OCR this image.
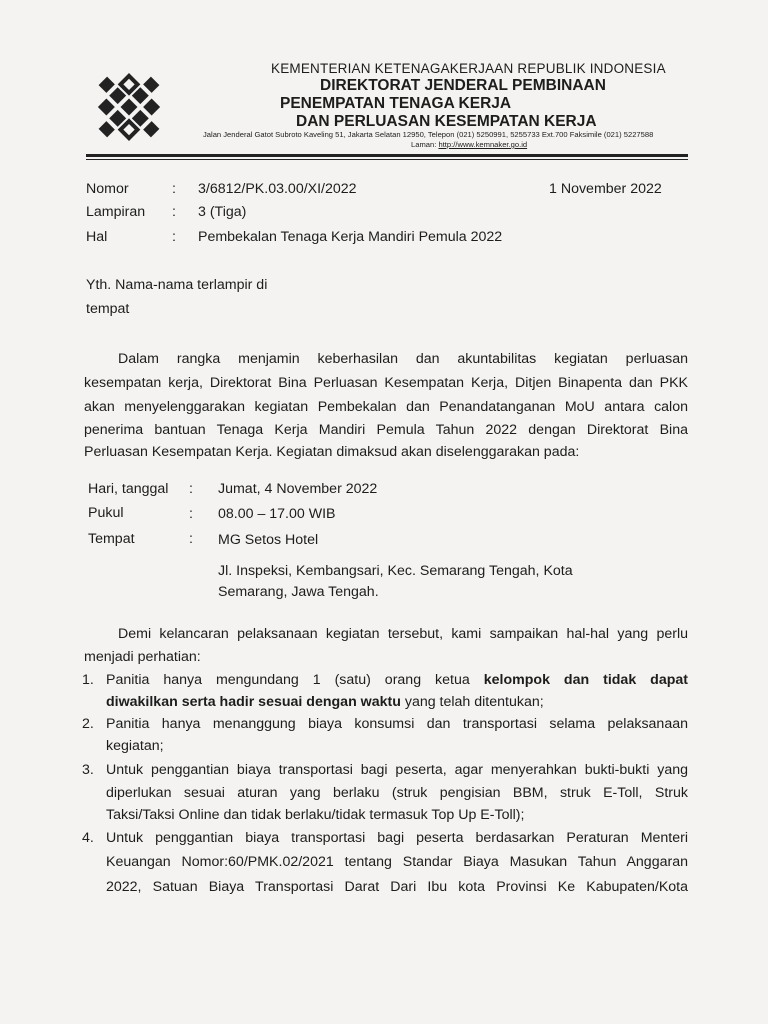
KEMENTERIAN KETENAGAKERJAAN REPUBLIK INDONESIA
DIREKTORAT JENDERAL PEMBINAAN
PENEMPATAN TENAGA KERJA
DAN PERLUASAN KESEMPATAN KERJA
Jalan Jenderal Gatot Subroto Kaveling 51, Jakarta Selatan 12950, Telepon (021) 5250991, 5255733 Ext.700 Faksimile (021) 5227588
Laman: http://www.kemnaker.go.id
Nomor	: 3/6812/PK.03.00/XI/2022	1 November 2022
Lampiran : 3 (Tiga)
Hal	: Pembekalan Tenaga Kerja Mandiri Pemula 2022
Yth. Nama-nama terlampir di
tempat
Dalam rangka menjamin keberhasilan dan akuntabilitas kegiatan perluasan
kesempatan kerja, Direktorat Bina Perluasan Kesempatan Kerja, Ditjen Binapenta dan PKK
akan menyelenggarakan kegiatan Pembekalan dan Penandatanganan MoU antara calon
penerima bantuan Tenaga Kerja Mandiri Pemula Tahun 2022 dengan Direktorat Bina
Perluasan Kesempatan Kerja. Kegiatan dimaksud akan diselenggarakan pada:
Hari, tanggal : Jumat, 4 November 2022
Pukul	: 08.00 – 17.00 WIB
Tempat	: MG Setos Hotel
Jl. Inspeksi, Kembangsari, Kec. Semarang Tengah, Kota
Semarang, Jawa Tengah.
Demi kelancaran pelaksanaan kegiatan tersebut, kami sampaikan hal-hal yang perlu
menjadi perhatian:
1. Panitia hanya mengundang 1 (satu) orang ketua kelompok dan tidak dapat
diwakilkan serta hadir sesuai dengan waktu yang telah ditentukan;
2. Panitia hanya menanggung biaya konsumsi dan transportasi selama pelaksanaan
kegiatan;
3. Untuk penggantian biaya transportasi bagi peserta, agar menyerahkan bukti-bukti yang
diperlukan sesuai aturan yang berlaku (struk pengisian BBM, struk E-Toll, Struk
Taksi/Taksi Online dan tidak berlaku/tidak termasuk Top Up E-Toll);
4. Untuk penggantian biaya transportasi bagi peserta berdasarkan Peraturan Menteri
Keuangan Nomor:60/PMK.02/2021 tentang Standar Biaya Masukan Tahun Anggaran
2022, Satuan Biaya Transportasi Darat Dari Ibu kota Provinsi Ke Kabupaten/Kota
